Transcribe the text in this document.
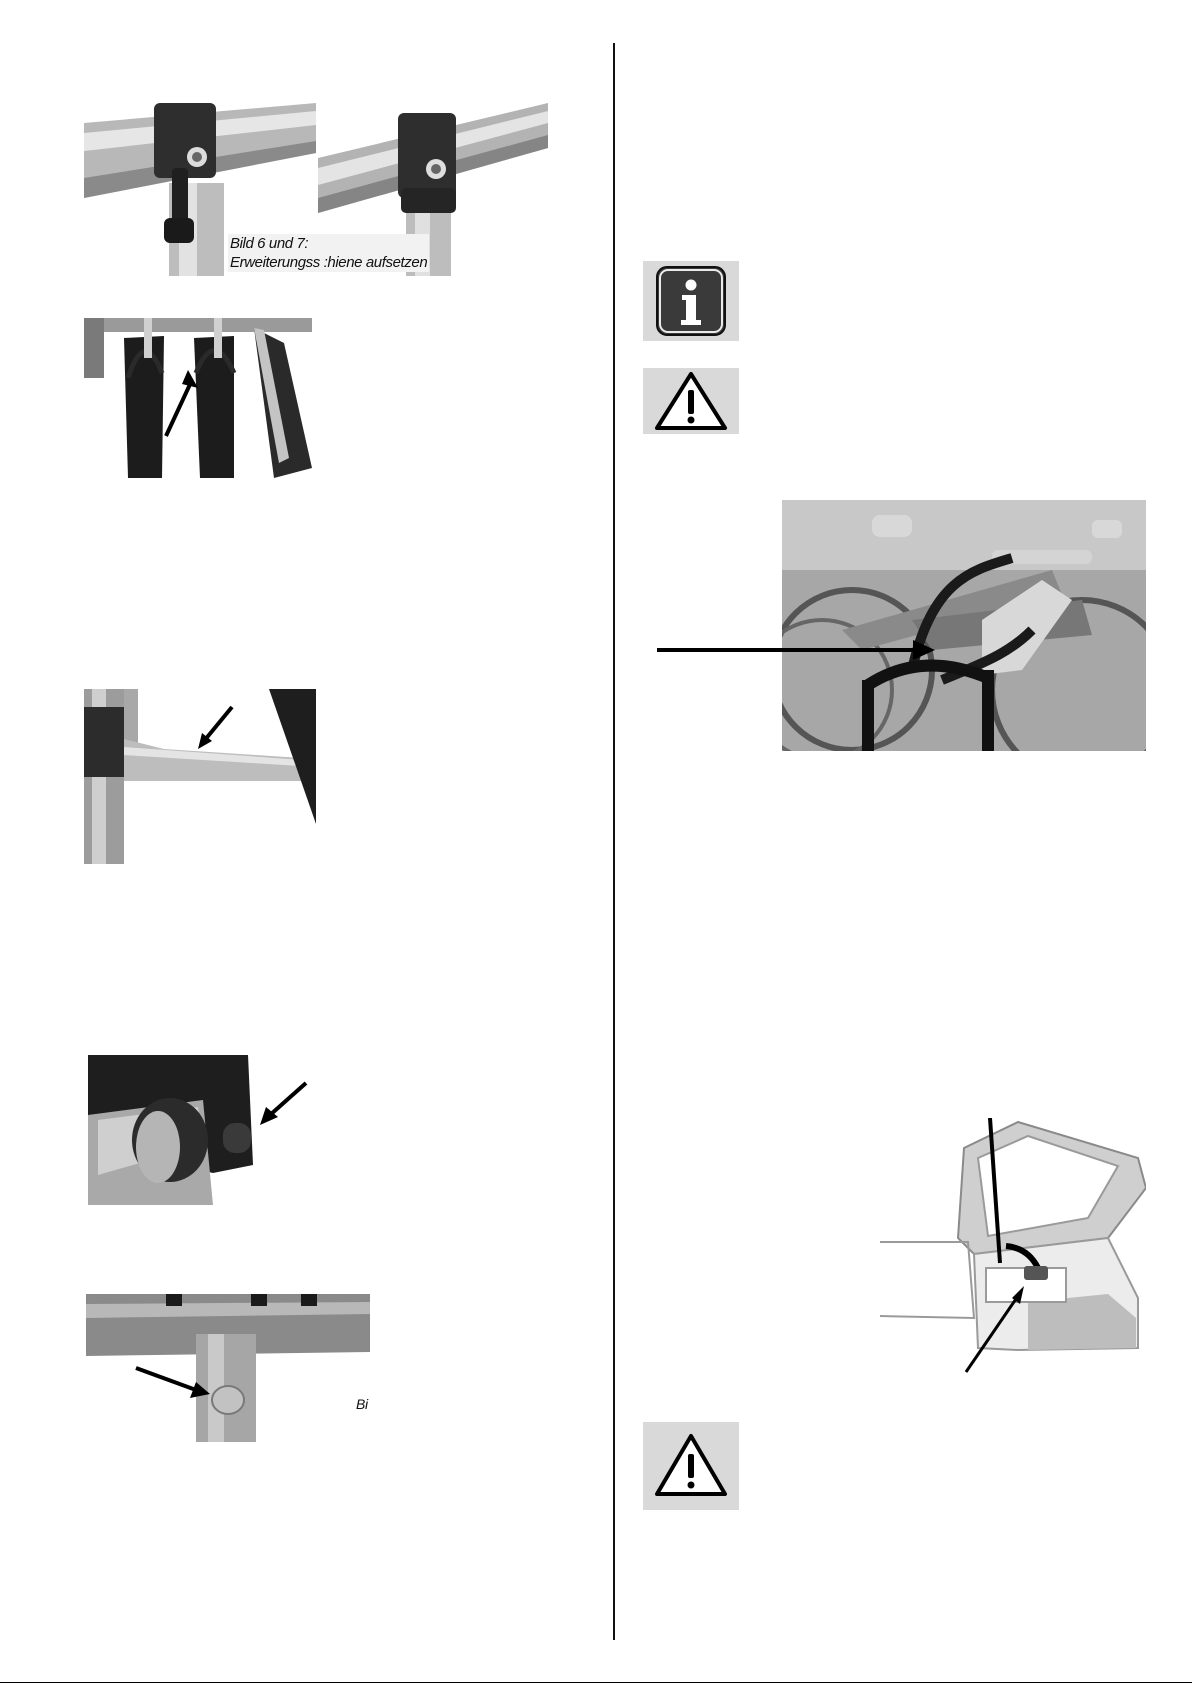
Bild 6 und 7:
Erweiterungss :hiene aufsetzen
Bi
